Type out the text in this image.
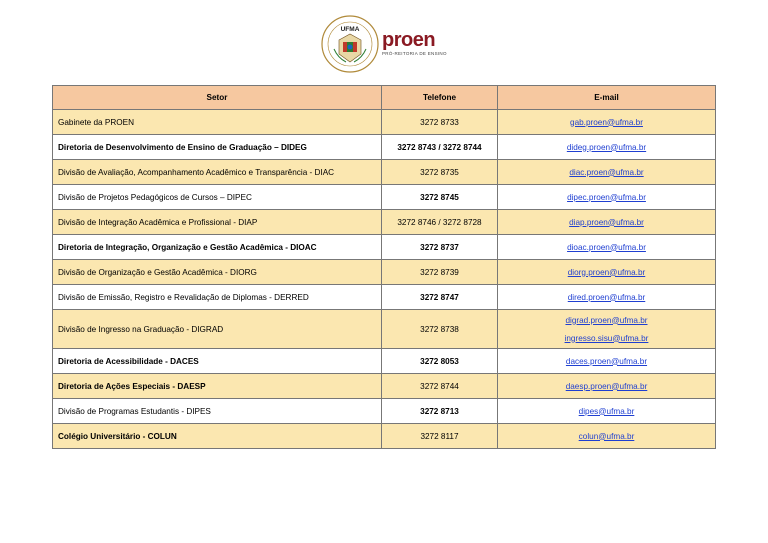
UFMA proen
PRÓ-REITORIA DE ENSINO
Setor	Telefone	E-mail
Gabinete da PROEN	3272 8733	gab.proen@ufma.br

Diretoria de Desenvolvimento de Ensino de Graduação – DIDEG	3272 8743 / 3272 8744	dideg.proen@ufma.br

Divisão de Avaliação, Acompanhamento Acadêmico e Transparência - DIAC	3272 8735	diac.proen@ufma.br

Divisão de Projetos Pedagógicos de Cursos – DIPEC	3272 8745	dipec.proen@ufma.br

Divisão de Integração Acadêmica e Profissional - DIAP	3272 8746 / 3272 8728	diap.proen@ufma.br

Diretoria de Integração, Organização e Gestão Acadêmica - DIOAC	3272 8737	dioac.proen@ufma.br

Divisão de Organização e Gestão Acadêmica - DIORG	3272 8739	diorg.proen@ufma.br

Divisão de Emissão, Registro e Revalidação de Diplomas - DERRED	3272 8747	dired.proen@ufma.br

Divisão de Ingresso na Graduação - DIGRAD	3272 8738	digrad.proen@ufma.br
ingresso.sisu@ufma.br

Diretoria de Acessibilidade - DACES	3272 8053	daces.proen@ufma.br

Diretoria de Ações Especiais - DAESP	3272 8744	daesp.proen@ufma.br

Divisão de Programas Estudantis - DIPES	3272 8713	dipes@ufma.br

Colégio Universitário - COLUN	3272 8117	colun@ufma.br
